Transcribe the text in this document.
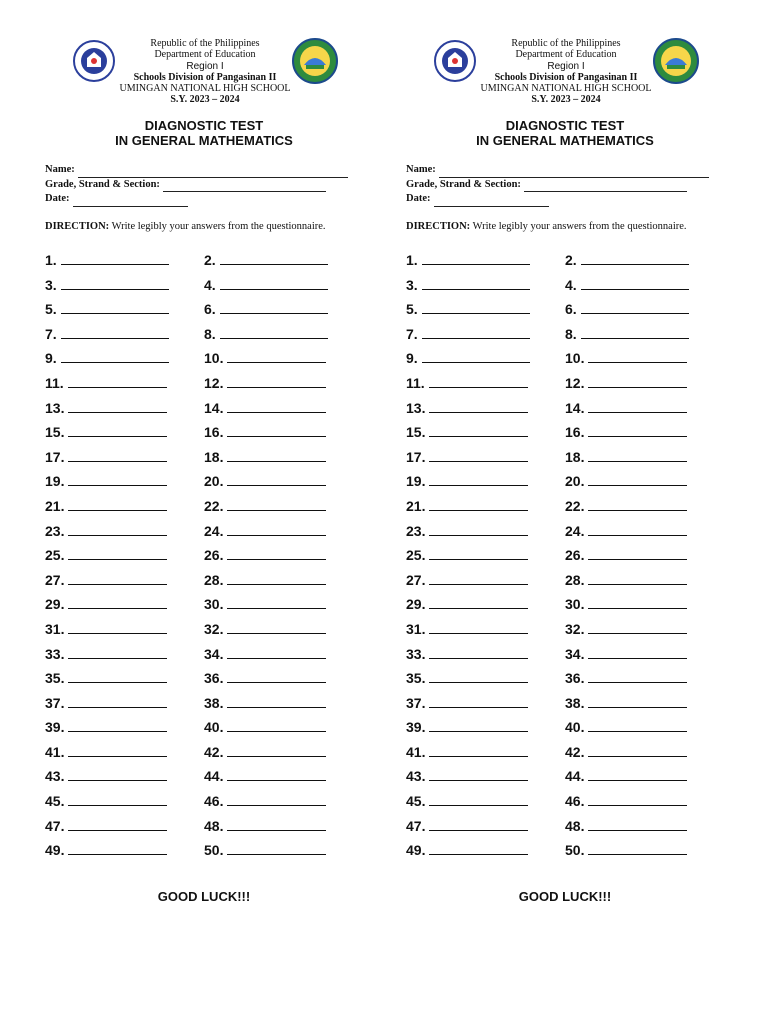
Republic of the Philippines
Department of Education
Region I
Schools Division of Pangasinan II
UMINGAN NATIONAL HIGH SCHOOL
S.Y. 2023 – 2024
DIAGNOSTIC TEST
IN GENERAL MATHEMATICS
Name:
Grade, Strand & Section:
Date:
DIRECTION: Write legibly your answers from the questionnaire.
1.	2.
3.	4.
5.	6.
7.	8.
9.	10.
11.	12.
13.	14.
15.	16.
17.	18.
19.	20.
21.	22.
23.	24.
25.	26.
27.	28.
29.	30.
31.	32.
33.	34.
35.	36.
37.	38.
39.	40.
41.	42.
43.	44.
45.	46.
47.	48.
49.	50.
GOOD LUCK!!!
Republic of the Philippines
Department of Education
Region I
Schools Division of Pangasinan II
UMINGAN NATIONAL HIGH SCHOOL
S.Y. 2023 – 2024
DIAGNOSTIC TEST
IN GENERAL MATHEMATICS
Name:
Grade, Strand & Section:
Date:
DIRECTION: Write legibly your answers from the questionnaire.
1.	2.
3.	4.
5.	6.
7.	8.
9.	10.
11.	12.
13.	14.
15.	16.
17.	18.
19.	20.
21.	22.
23.	24.
25.	26.
27.	28.
29.	30.
31.	32.
33.	34.
35.	36.
37.	38.
39.	40.
41.	42.
43.	44.
45.	46.
47.	48.
49.	50.
GOOD LUCK!!!
